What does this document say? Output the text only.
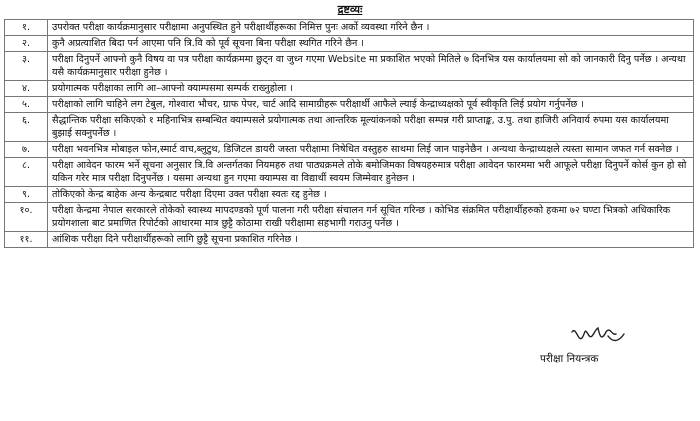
द्रष्टव्यः
१.	उपरोक्त परीक्षा कार्यक्रमानुसार परीक्षामा अनुपस्थित हुने परीक्षार्थीहरूका निमित्त पुनः अर्को व्यवस्था गरिने छैन ।
२.	कुनै अप्रत्याशित बिदा पर्न आएमा पनि त्रि.वि को पूर्व सूचना बिना परीक्षा स्थगित गरिने छैन ।
३.	परीक्षा दिनुपर्ने आफ्नो कुनै विषय वा पत्र परीक्षा कार्यक्रममा छुट्न वा जुध्न गएमा Website मा प्रकाशित भएको मितिले ७ दिनभित्र यस कार्यालयमा सो को जानकारी दिनु पर्नेछ । अन्यथा यसै कार्यक्रमानुसार परीक्षा हुनेछ ।
४.	प्रयोगात्मक परीक्षाका लागि आ–आफ्नो क्याम्पसमा सम्पर्क राख्नुहोला ।
५.	परीक्षाको लागि चाहिने लग टेबुल, गोश्वारा भौचर, ग्राफ पेपर, चार्ट आदि सामाग्रीहरू परीक्षार्थी आफैले ल्याई केन्द्राध्यक्षको पूर्व स्वीकृति लिई प्रयोग गर्नुपर्नेछ ।
६.	सैद्धान्तिक परीक्षा सकिएको १ महिनाभित्र सम्बन्धित क्याम्पसले प्रयोगात्मक तथा आन्तरिक मूल्यांकनको परीक्षा सम्पन्न गरी प्राप्ताङ्क, उ.पु. तथा हाजिरी अनिवार्य रुपमा यस कार्यालयमा बुझाई सक्नुपर्नेछ ।
७.	परीक्षा भवनभित्र मोबाइल फोन,स्मार्ट वाच,ब्लुटुथ, डिजिटल डायरी जस्ता परीक्षामा निषेधित वस्तुहरु साथमा लिई जान पाइनेछैन । अन्यथा केन्द्राध्यक्षले त्यस्ता सामान जफत गर्न सक्नेछ ।
८.	परीक्षा आवेदन फारम भर्ने सूचना अनुसार त्रि.वि अन्तर्गतका नियमहरु तथा पाठ्यक्रमले तोके बमोजिमका विषयहरुमात्र परीक्षा आवेदन फारममा भरी आफूले परीक्षा दिनुपर्ने कोर्स कुन हो सो यकिन गरेर मात्र परीक्षा दिनुपर्नेछ । यसमा अन्यथा हुन गएमा क्याम्पस वा विद्यार्थी स्वयम जिम्मेवार हुनेछन ।
९.	तोकिएको केन्द्र बाहेक अन्य केन्द्रबाट परीक्षा दिएमा उक्त परीक्षा स्वतः रद्द हुनेछ ।
१०.	परीक्षा केन्द्रमा नेपाल सरकारले तोकेको स्वास्थ्य मापदण्डको पूर्ण पालना गरी परीक्षा संचालन गर्न सूचित गरिन्छ । कोभिड संक्रमित परीक्षार्थीहरुको हकमा ७२ घण्टा भित्रको अधिकारिक प्रयोगशाला बाट प्रमाणित रिपोर्टको आधारमा मात्र छुट्टै कोठामा राखी परीक्षामा सहभागी गराउनु पर्नेछ ।
११.	आंशिक परीक्षा दिने परीक्षार्थीहरूको लागि छुट्टै सूचना प्रकाशित गरिनेछ ।
परीक्षा नियन्त्रक
